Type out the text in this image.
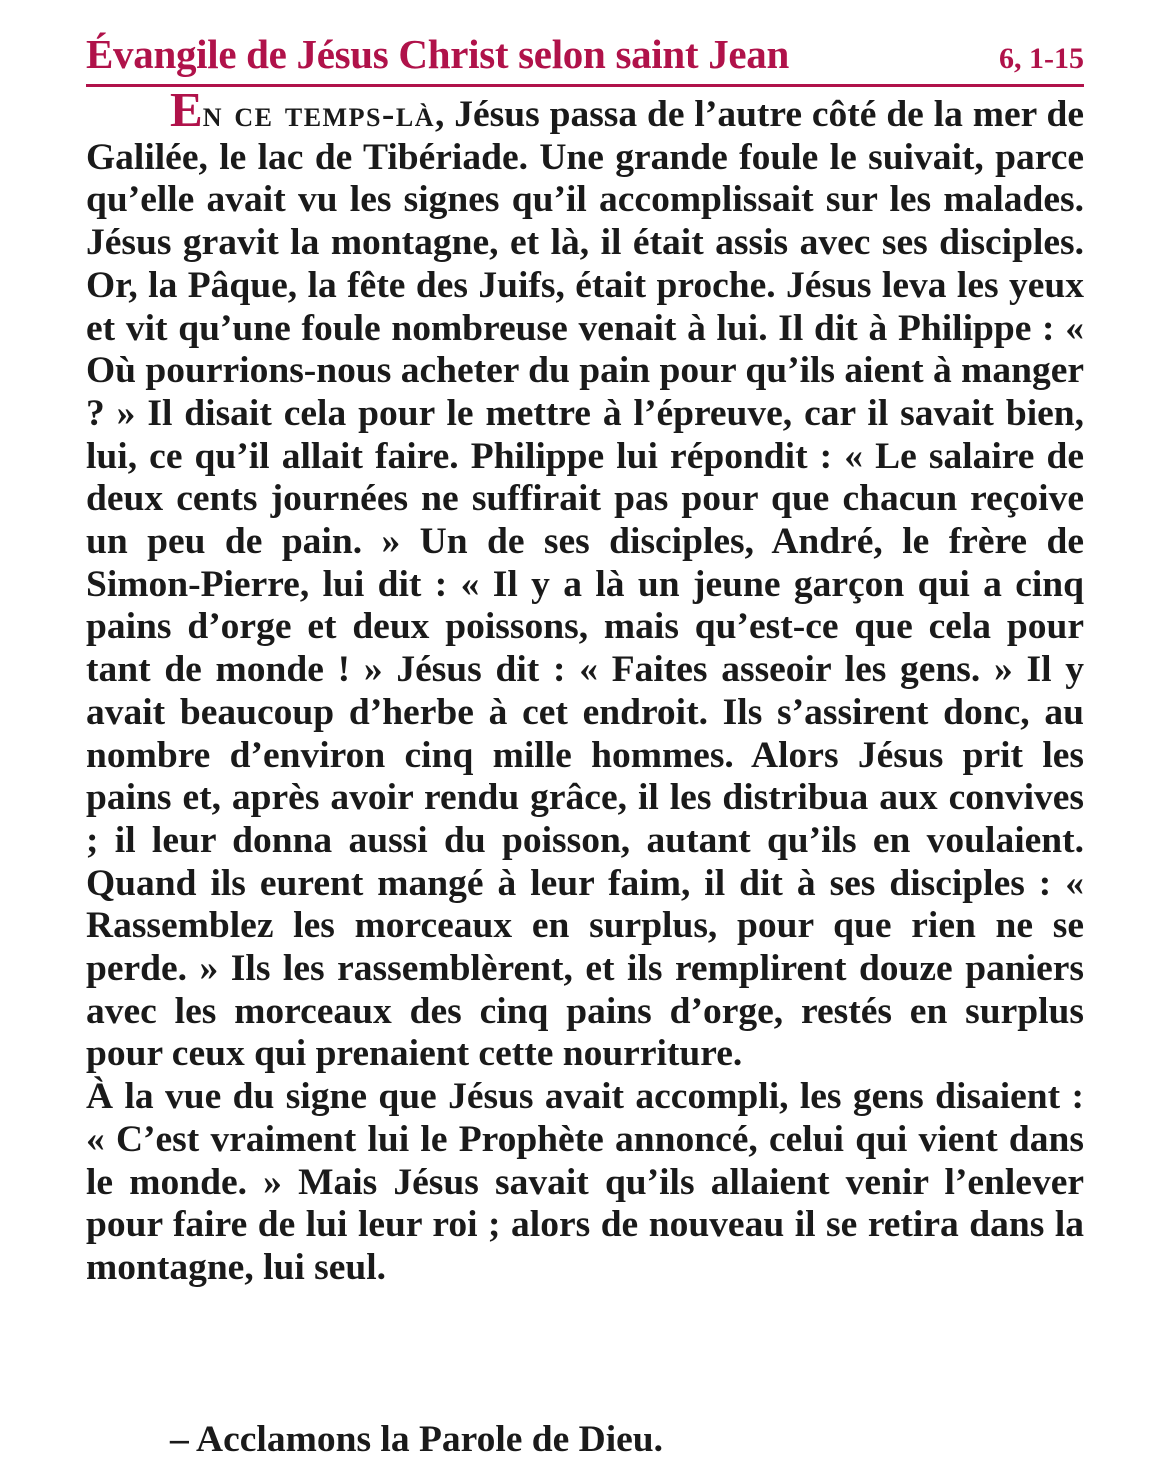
Évangile de Jésus Christ selon saint Jean	6, 1-15

En ce temps-là, Jésus passa de l’autre côté de la mer de Galilée, le lac de Tibériade. Une grande foule le suivait, parce qu’elle avait vu les signes qu’il accomplissait sur les malades. Jésus gravit la montagne, et là, il était assis avec ses disciples. Or, la Pâque, la fête des Juifs, était proche. Jésus leva les yeux et vit qu’une foule nombreuse venait à lui. Il dit à Philippe : « Où pourrions-nous acheter du pain pour qu’ils aient à manger ? » Il disait cela pour le mettre à l’épreuve, car il savait bien, lui, ce qu’il allait faire. Philippe lui répondit : « Le salaire de deux cents journées ne suffirait pas pour que chacun reçoive un peu de pain. » Un de ses disciples, André, le frère de Simon-Pierre, lui dit : « Il y a là un jeune garçon qui a cinq pains d’orge et deux poissons, mais qu’est-ce que cela pour tant de monde ! » Jésus dit : « Faites asseoir les gens. » Il y avait beaucoup d’herbe à cet endroit. Ils s’assirent donc, au nombre d’environ cinq mille hommes. Alors Jésus prit les pains et, après avoir rendu grâce, il les distribua aux convives ; il leur donna aussi du poisson, autant qu’ils en voulaient. Quand ils eurent mangé à leur faim, il dit à ses disciples : « Rassemblez les morceaux en surplus, pour que rien ne se perde. » Ils les rassemblèrent, et ils remplirent douze paniers avec les morceaux des cinq pains d’orge, restés en surplus pour ceux qui prenaient cette nourriture.

À la vue du signe que Jésus avait accompli, les gens disaient : « C’est vraiment lui le Prophète annoncé, celui qui vient dans le monde. » Mais Jésus savait qu’ils allaient venir l’enlever pour faire de lui leur roi ; alors de nouveau il se retira dans la montagne, lui seul.

– Acclamons la Parole de Dieu.
